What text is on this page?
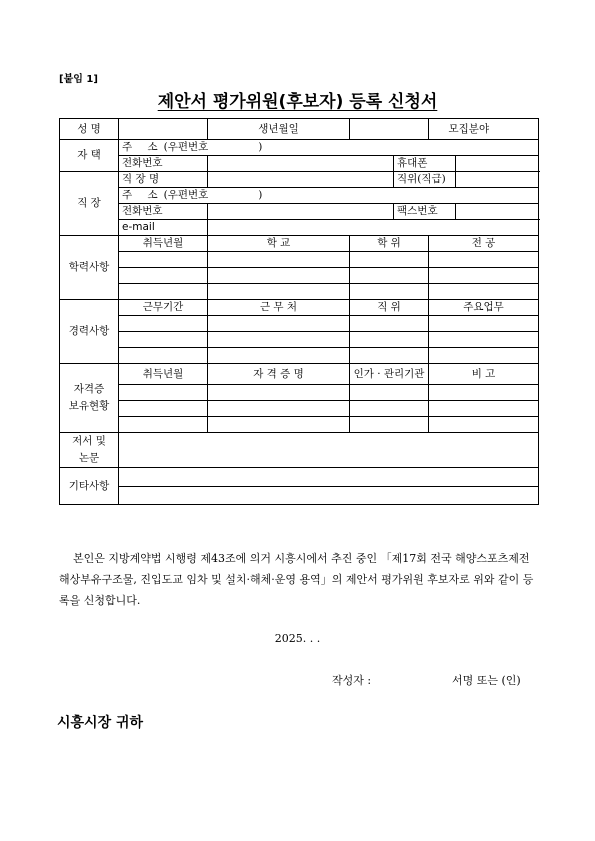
[붙임 1]
제안서 평가위원(후보자) 등록 신청서
성 명		생년월일				모집분야
자 택	주 소(우편번호 )					
	전화번호			휴대폰		
직 장	직 장 명			직위(직급)		
	주 소(우편번호 )					
	전화번호			팩스번호		
	e-mail					
학력사항	취득년월	학 교	학 위		전 공	

경력사항	근무기간	근 무 처	직 위		주요업무	

자격증
보유현황	취득년월	자 격 증 명	인가 · 관리기관		비 고	

저서 및
논문						
기타사항						

본인은 지방계약법 시행령 제43조에 의거 시흥시에서 추진 중인 「제17회 전국 해양스포츠제전 해상부유구조물, 진입도교 임차 및 설치·해체·운영 용역」의 제안서 평가위원 후보자로 위와 같이 등록을 신청합니다.

2025. . .
작성자 :	서명 또는 (인)
시흥시장 귀하
